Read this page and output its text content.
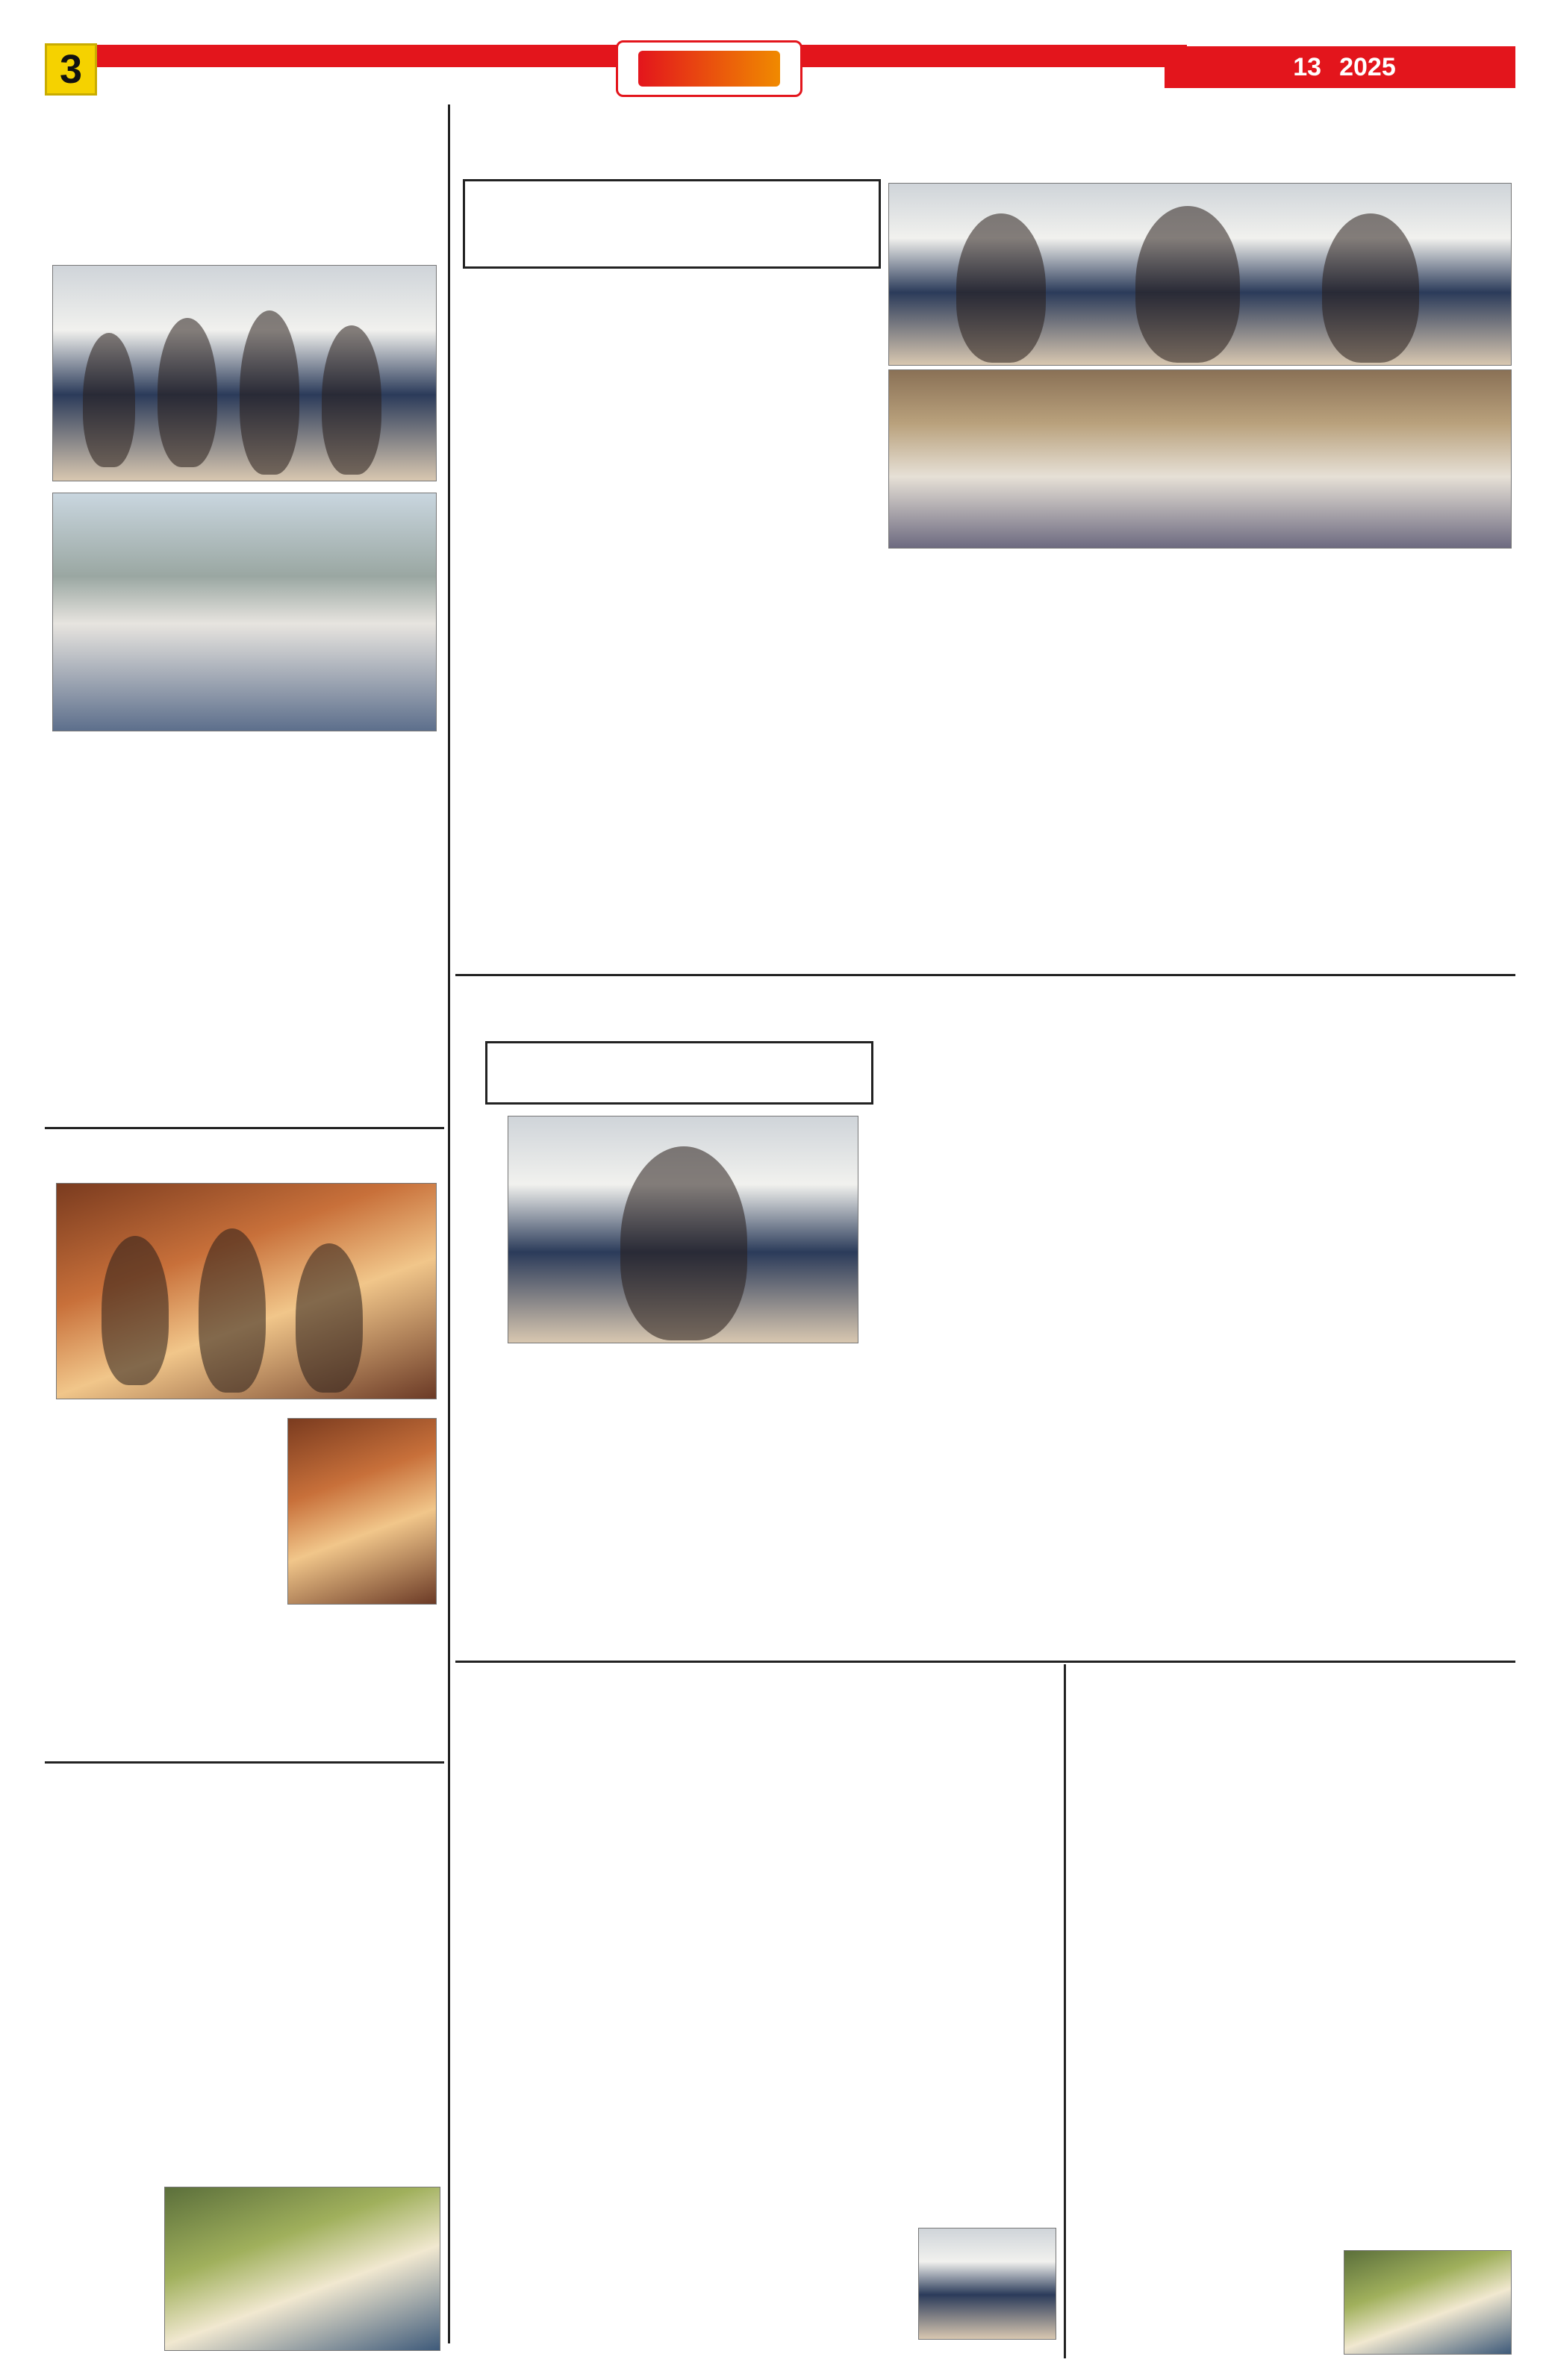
3	13 2025
